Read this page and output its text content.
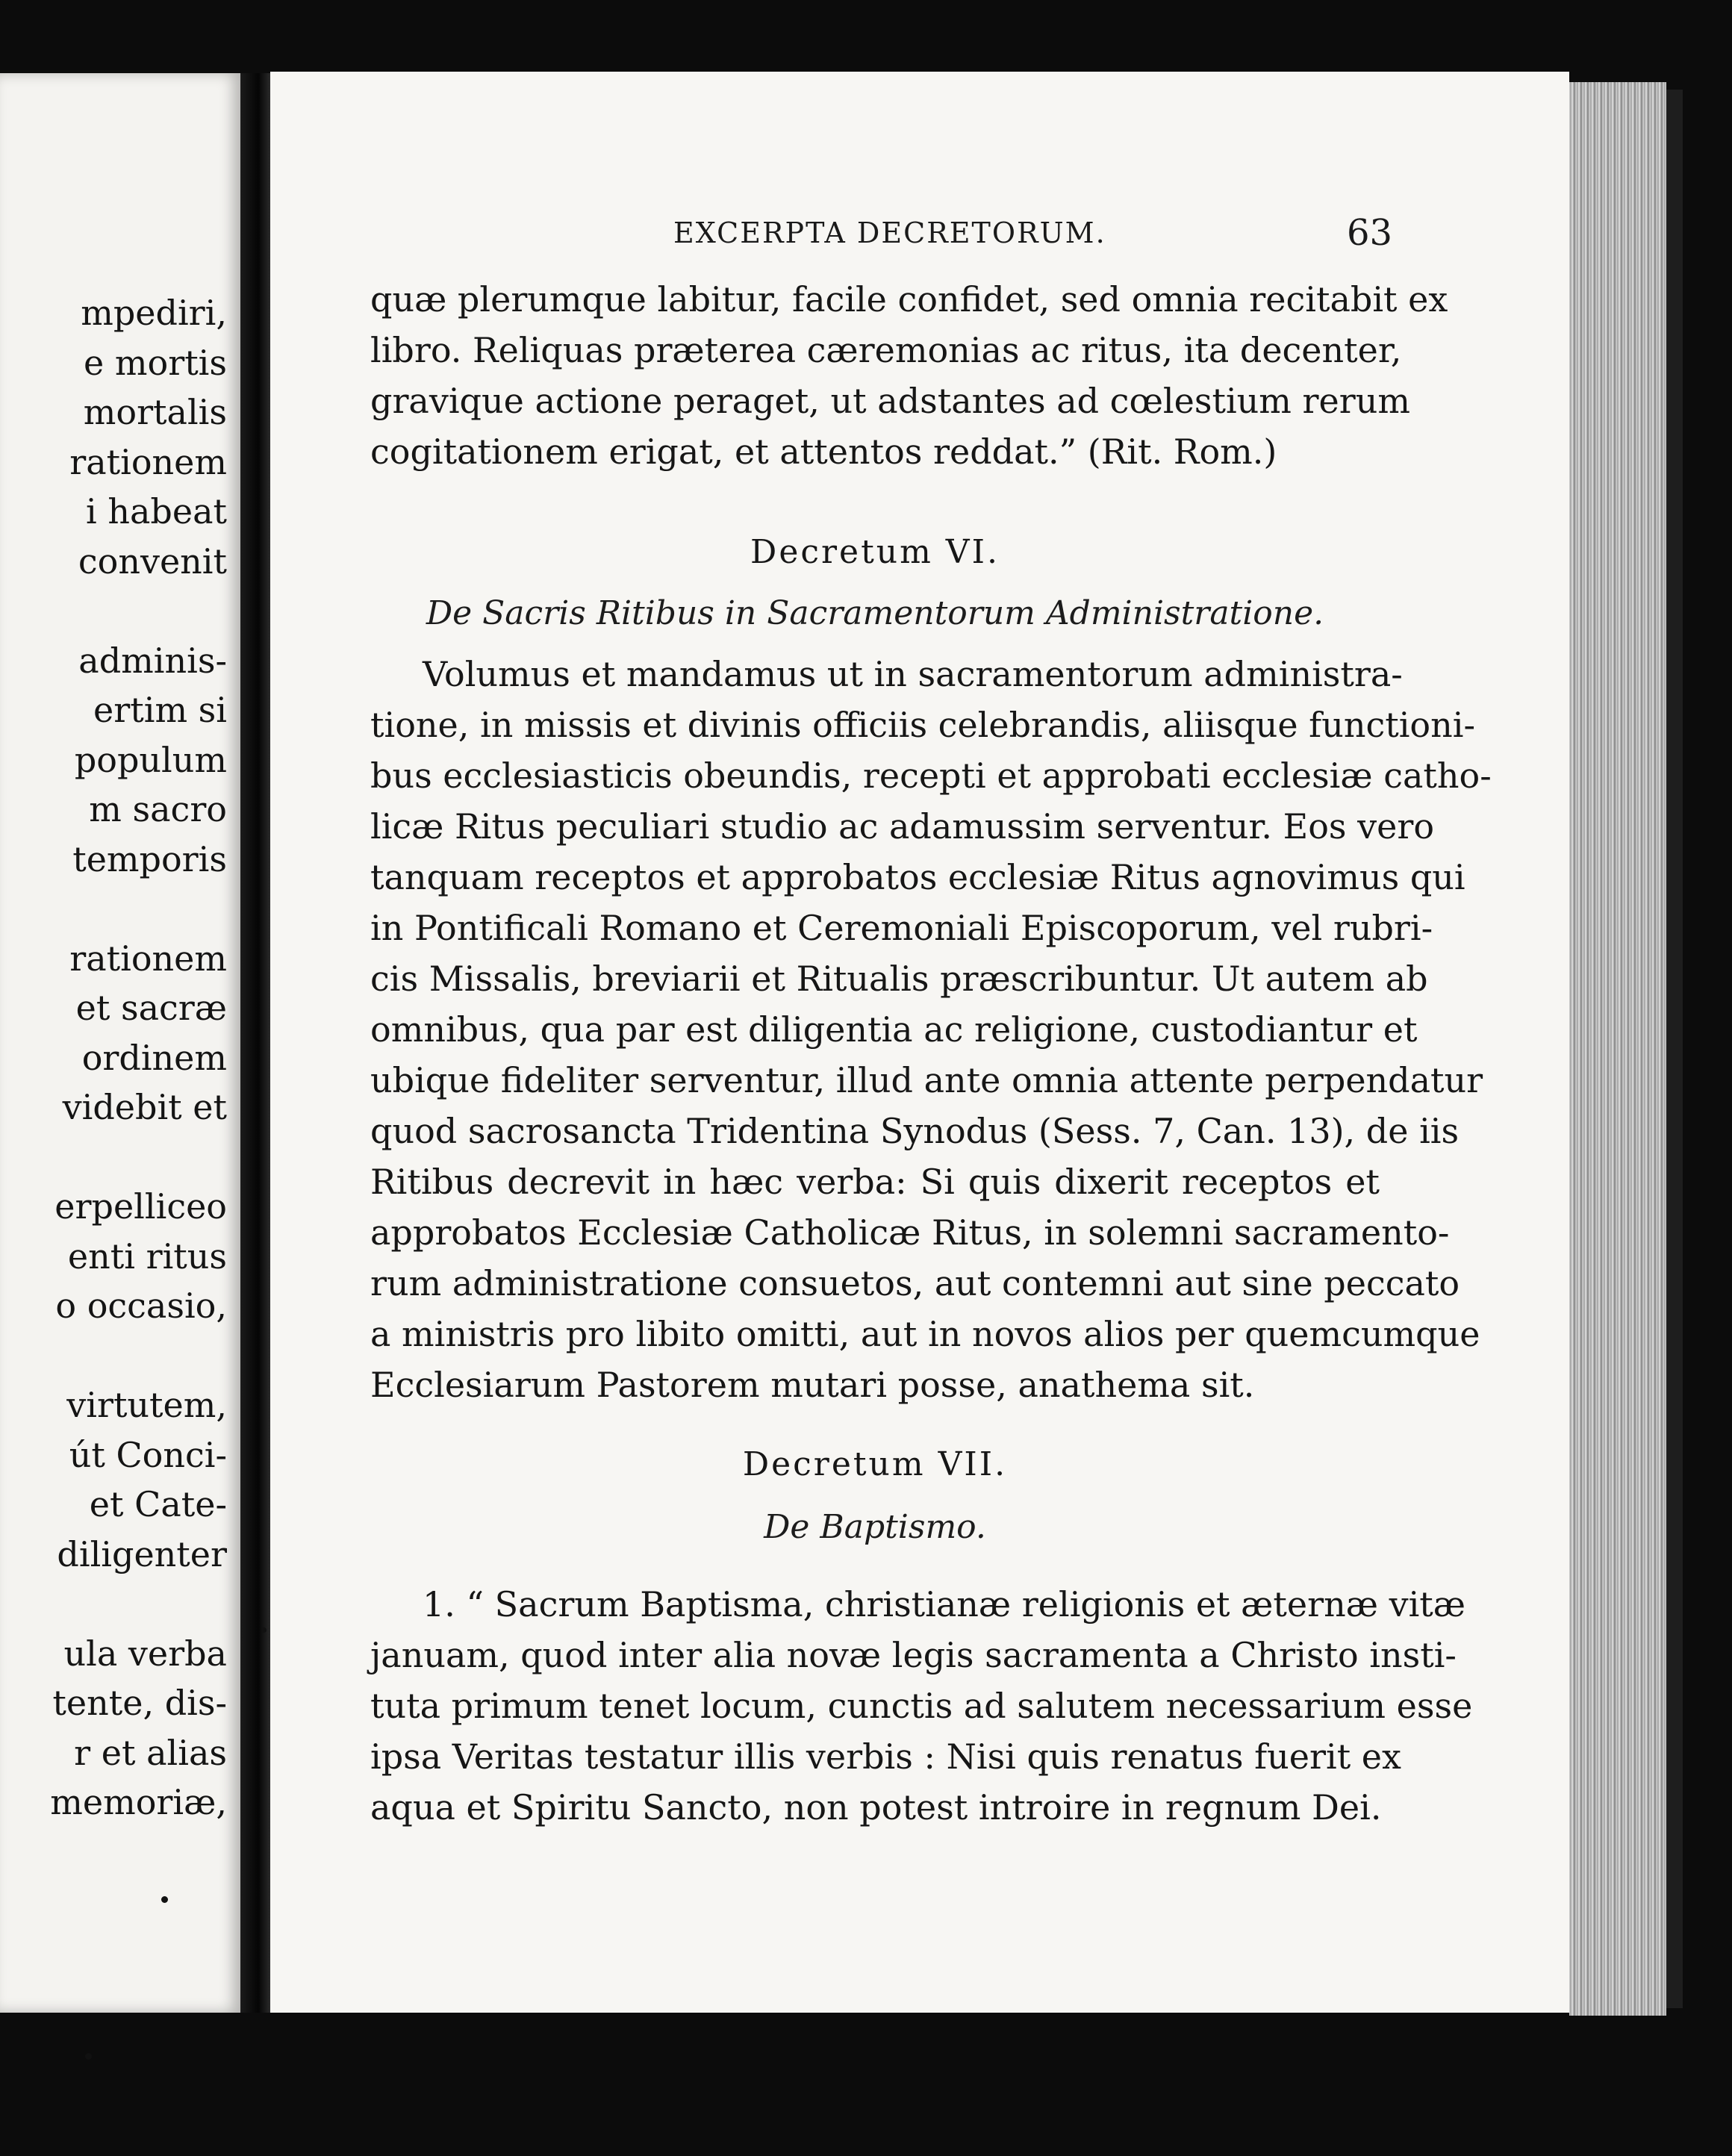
mpediri,
e mortis
mortalis
rationem
i habeat
convenit
adminis-
ertim si
populum
m sacro
temporis
rationem
et sacræ
ordinem
videbit et
erpelliceo
enti ritus
o occasio,
virtutem,
út Conci-
et Cate-
diligenter
ula verba
tente, dis-
r et alias
memoriæ,
EXCERPTA DECRETORUM.	63
quæ plerumque labitur, facile confidet, sed omnia recitabit ex
libro. Reliquas præterea cæremonias ac ritus, ita decenter,
gravique actione peraget, ut adstantes ad cœlestium rerum
cogitationem erigat, et attentos reddat.” (Rit. Rom.)
Decretum VI.
De Sacris Ritibus in Sacramentorum Administratione.
Volumus et mandamus ut in sacramentorum administra-
tione, in missis et divinis officiis celebrandis, aliisque functioni-
bus ecclesiasticis obeundis, recepti et approbati ecclesiæ catho-
licæ Ritus peculiari studio ac adamussim serventur. Eos vero
tanquam receptos et approbatos ecclesiæ Ritus agnovimus qui
in Pontificali Romano et Ceremoniali Episcoporum, vel rubri-
cis Missalis, breviarii et Ritualis præscribuntur. Ut autem ab
omnibus, qua par est diligentia ac religione, custodiantur et
ubique fideliter serventur, illud ante omnia attente perpendatur
quod sacrosancta Tridentina Synodus (Sess. 7, Can. 13), de iis
Ritibus decrevit in hæc verba: Si quis dixerit receptos et
approbatos Ecclesiæ Catholicæ Ritus, in solemni sacramento-
rum administratione consuetos, aut contemni aut sine peccato
a ministris pro libito omitti, aut in novos alios per quemcumque
Ecclesiarum Pastorem mutari posse, anathema sit.
Decretum VII.
De Baptismo.
1. “ Sacrum Baptisma, christianæ religionis et æternæ vitæ
januam, quod inter alia novæ legis sacramenta a Christo insti-
tuta primum tenet locum, cunctis ad salutem necessarium esse
ipsa Veritas testatur illis verbis : Nisi quis renatus fuerit ex
aqua et Spiritu Sancto, non potest introire in regnum Dei.
